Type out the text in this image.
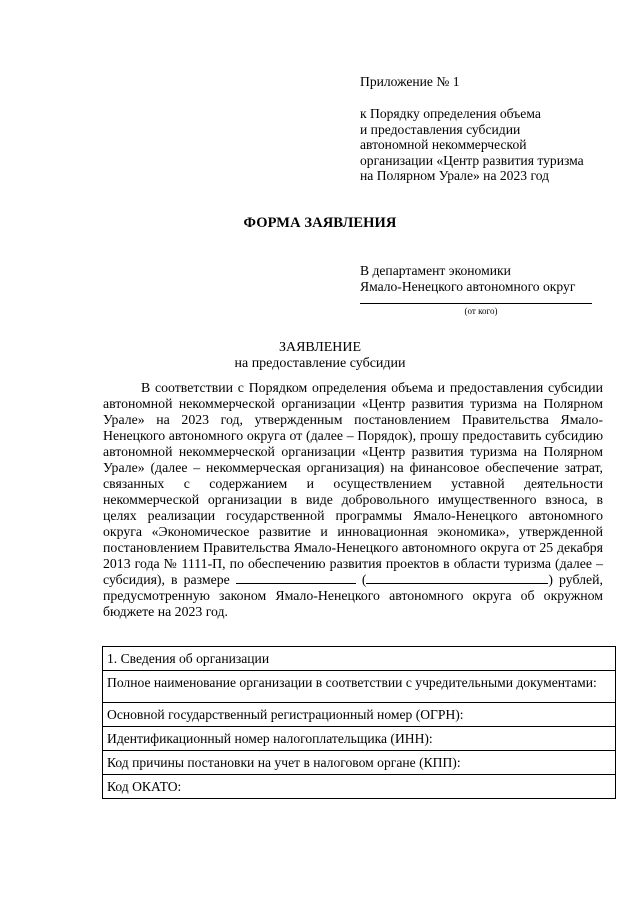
Приложение № 1
к Порядку определения объема
и предоставления субсидии
автономной некоммерческой
организации «Центр развития туризма
на Полярном Урале» на 2023 год
ФОРМА ЗАЯВЛЕНИЯ
В департамент экономики
Ямало-Ненецкого автономного округ
(от кого)
ЗАЯВЛЕНИЕ
на предоставление субсидии
В соответствии с Порядком определения объема и предоставления субсидии автономной некоммерческой организации «Центр развития туризма на Полярном Урале» на 2023 год, утвержденным постановлением Правительства Ямало-Ненецкого автономного округа от (далее – Порядок), прошу предоставить субсидию автономной некоммерческой организации «Центр развития туризма на Полярном Урале» (далее – некоммерческая организация) на финансовое обеспечение затрат, связанных с содержанием и осуществлением уставной деятельности некоммерческой организации в виде добровольного имущественного взноса, в целях реализации государственной программы Ямало-Ненецкого автономного округа «Экономическое развитие и инновационная экономика», утвержденной постановлением Правительства Ямало-Ненецкого автономного округа от 25 декабря 2013 года № 1111-П, по обеспечению развития проектов в области туризма (далее – субсидия), в размере	(	) рублей, предусмотренную законом Ямало-Ненецкого автономного округа об окружном бюджете на 2023 год.
1. Сведения об организации
Полное наименование организации в соответствии с учредительными документами:
Основной государственный регистрационный номер (ОГРН):
Идентификационный номер налогоплательщика (ИНН):
Код причины постановки на учет в налоговом органе (КПП):
Код ОКАТО:
